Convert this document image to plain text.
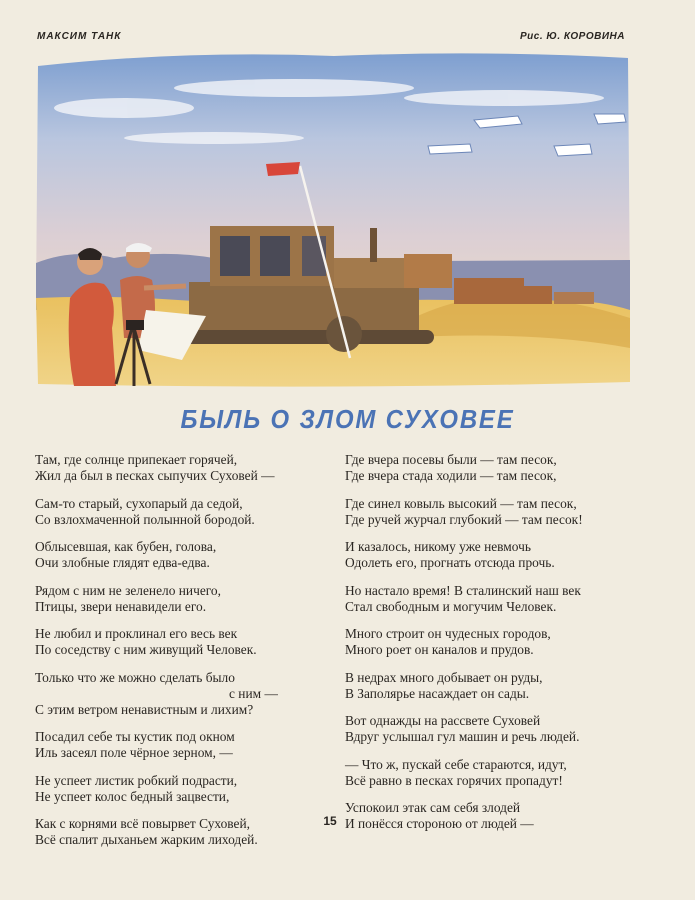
МАКСИМ ТАНК	Рис. Ю. КОРОВИНА
БЫЛЬ О ЗЛОМ СУХОВЕЕ
Там, где солнце припекает горячей,
Жил да был в песках сыпучих Суховей —
Сам-то старый, сухопарый да седой,
Со взлохмаченной полынной бородой.
Облысевшая, как бубен, голова,
Очи злобные глядят едва-едва.
Рядом с ним не зеленело ничего,
Птицы, звери ненавидели его.
Не любил и проклинал его весь век
По соседству с ним живущий Человек.
Только что же можно сделать было
с ним —
С этим ветром ненавистным и лихим?
Посадил себе ты кустик под окном
Иль засеял поле чёрное зерном, —
Не успеет листик робкий подрасти,
Не успеет колос бедный зацвести,
Как с корнями всё повырвет Суховей,
Всё спалит дыханьем жарким лиходей.
Где вчера посевы были — там песок,
Где вчера стада ходили — там песок,
Где синел ковыль высокий — там песок,
Где ручей журчал глубокий — там песок!
И казалось, никому уже невмочь
Одолеть его, прогнать отсюда прочь.
Но настало время! В сталинский наш век
Стал свободным и могучим Человек.
Много строит он чудесных городов,
Много роет он каналов и прудов.
В недрах много добывает он руды,
В Заполярье насаждает он сады.
Вот однажды на рассвете Суховей
Вдруг услышал гул машин и речь людей.
— Что ж, пускай себе стараются, идут,
Всё равно в песках горячих пропадут!
Успокоил этак сам себя злодей
И понёсся стороною от людей —
15
